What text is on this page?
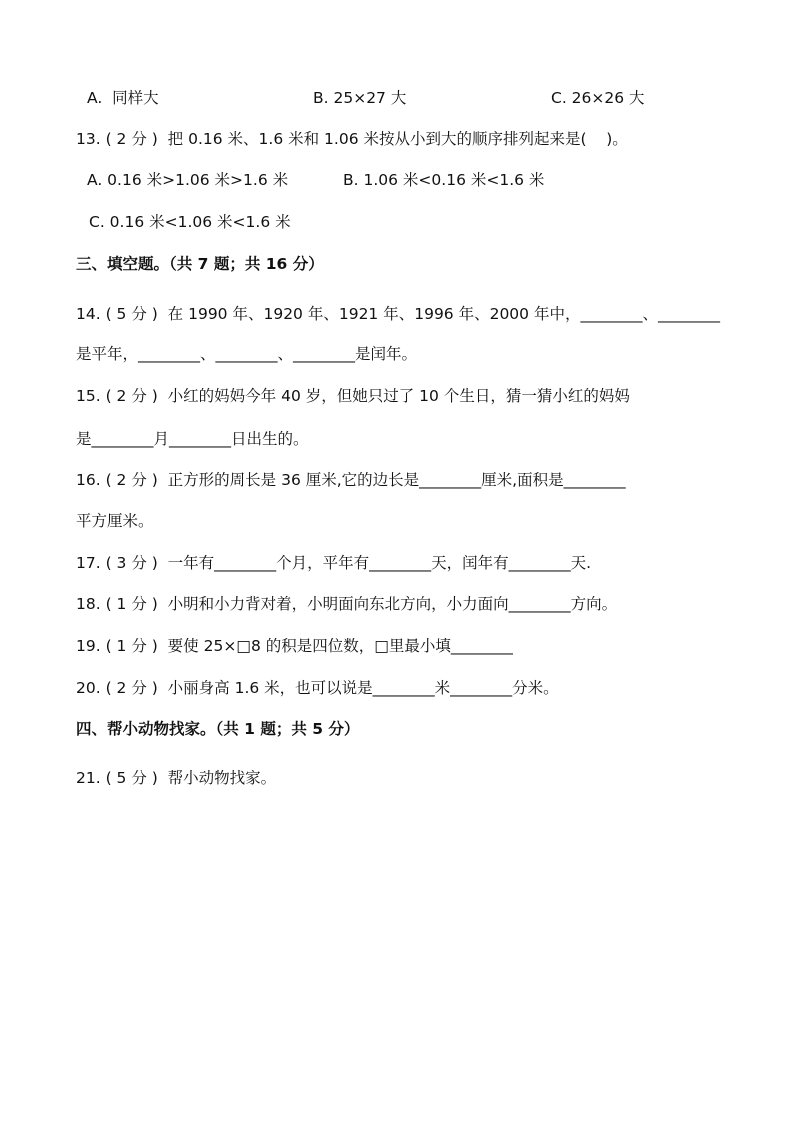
A.  同样大	B. 25×27 大	C. 26×26 大
13. ( 2 分 )  把 0.16 米、1.6 米和 1.06 米按从小到大的顺序排列起来是(    )。
A. 0.16 米>1.06 米>1.6 米	B. 1.06 米<0.16 米<1.6 米
C. 0.16 米<1.06 米<1.6 米
三、填空题。（共 7 题；共 16 分）
14. ( 5 分 )  在 1990 年、1920 年、1921 年、1996 年、2000 年中，________、________
是平年，________、________、________是闰年。
15. ( 2 分 )  小红的妈妈今年 40 岁，但她只过了 10 个生日，猜一猜小红的妈妈
是________月________日出生的。
16. ( 2 分 )  正方形的周长是 36 厘米,它的边长是________厘米,面积是________
平方厘米。
17. ( 3 分 )  一年有________个月，平年有________天，闰年有________天.
18. ( 1 分 )  小明和小力背对着，小明面向东北方向，小力面向________方向。
19. ( 1 分 )  要使 25×□8 的积是四位数，□里最小填________
20. ( 2 分 )  小丽身高 1.6 米，也可以说是________米________分米。
四、帮小动物找家。（共 1 题；共 5 分）
21. ( 5 分 )  帮小动物找家。
